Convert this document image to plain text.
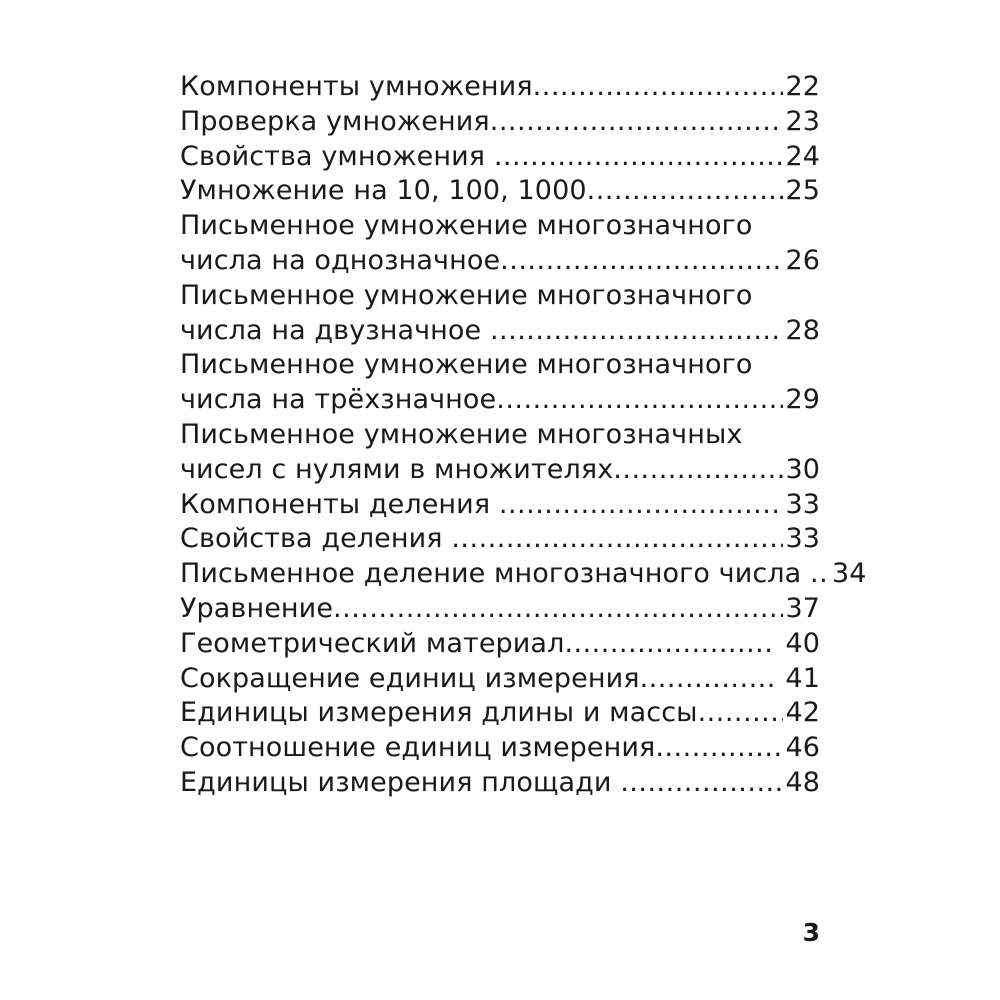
Компоненты умножения .....	22
Проверка умножения .....	23
Свойства умножения .....	24
Умножение на 10, 100, 1000 .....	25
Письменное умножение многозначного
числа на однозначное .....	26
Письменное умножение многозначного
числа на двузначное .....	28
Письменное умножение многозначного
числа на трёхзначное .....	29
Письменное умножение многозначных
чисел с нулями в множителях .....	30
Компоненты деления .....	33
Свойства деления .....	33
Письменное деление многозначного числа ..... 34
Уравнение .....	37
Геометрический материал .....	40
Сокращение единиц измерения .....	41
Единицы измерения длины и массы .....	42
Соотношение единиц измерения .....	46
Единицы измерения площади .....	48
3
